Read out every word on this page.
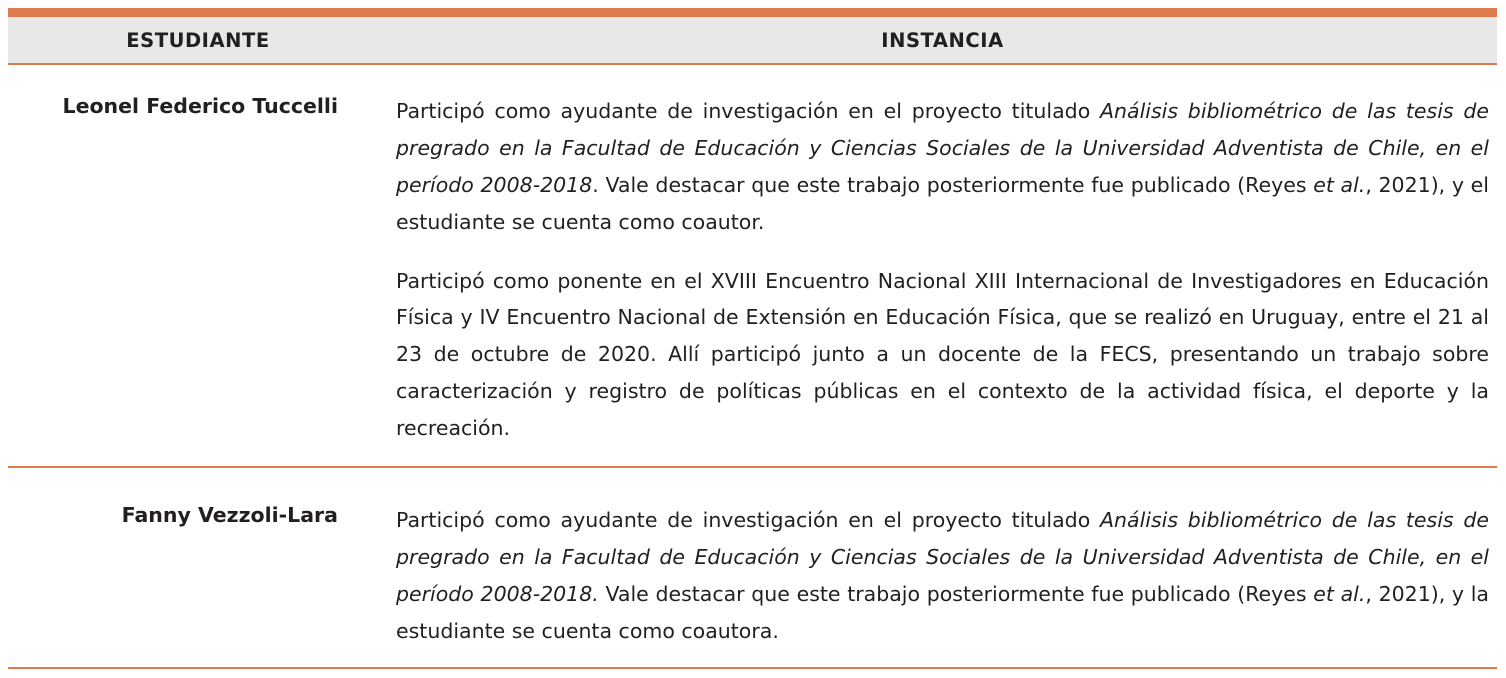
ESTUDIANTE	INSTANCIA
Leonel Federico Tuccelli	Participó como ayudante de investigación en el proyecto titulado Análisis bibliométrico de las tesis de pregrado en la Facultad de Educación y Ciencias Sociales de la Universidad Adventista de Chile, en el período 2008-2018. Vale destacar que este trabajo posteriormente fue publicado (Reyes et al., 2021), y el estudiante se cuenta como coautor.

Participó como ponente en el XVIII Encuentro Nacional XIII Internacional de Investigadores en Educación Física y IV Encuentro Nacional de Extensión en Educación Física, que se realizó en Uruguay, entre el 21 al 23 de octubre de 2020. Allí participó junto a un docente de la FECS, presentando un trabajo sobre caracterización y registro de políticas públicas en el contexto de la actividad física, el deporte y la recreación.

Fanny Vezzoli-Lara	Participó como ayudante de investigación en el proyecto titulado Análisis bibliométrico de las tesis de pregrado en la Facultad de Educación y Ciencias Sociales de la Universidad Adventista de Chile, en el período 2008-2018. Vale destacar que este trabajo posteriormente fue publicado (Reyes et al., 2021), y la estudiante se cuenta como coautora.
